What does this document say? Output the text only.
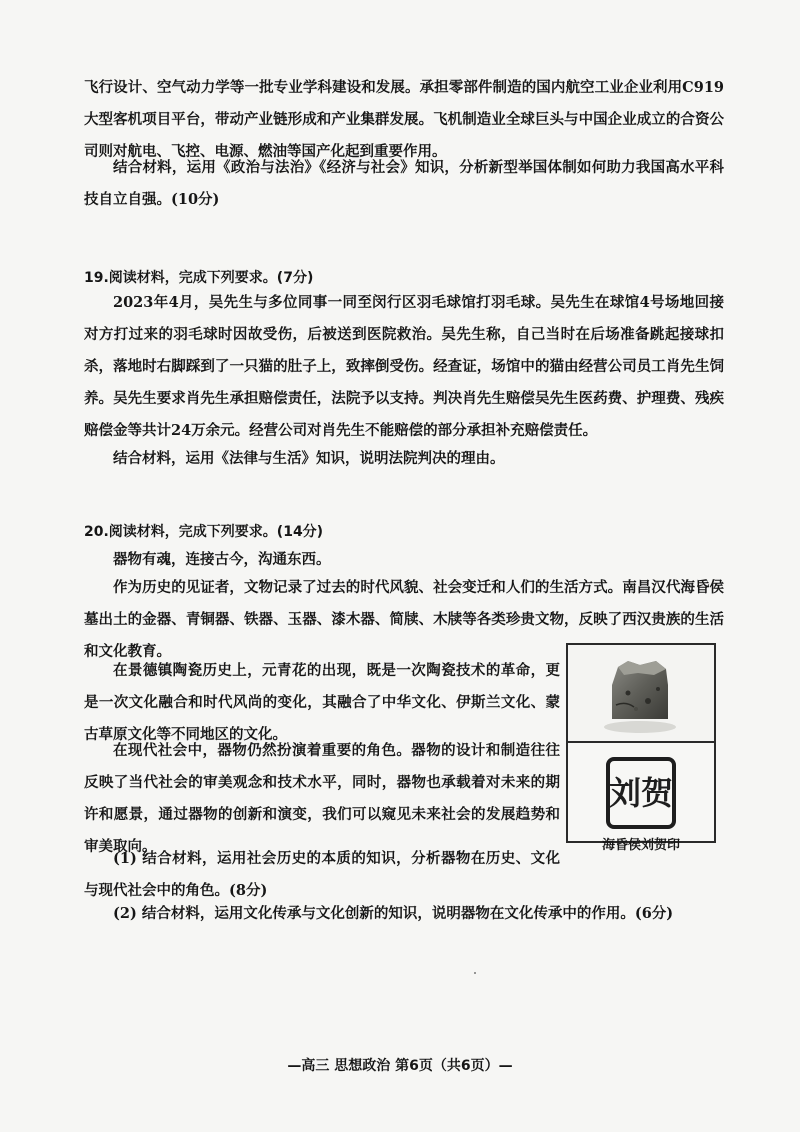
飞行设计、空气动力学等一批专业学科建设和发展。承担零部件制造的国内航空工业企业利用C919大型客机项目平台，带动产业链形成和产业集群发展。飞机制造业全球巨头与中国企业成立的合资公司则对航电、飞控、电源、燃油等国产化起到重要作用。

结合材料，运用《政治与法治》《经济与社会》知识，分析新型举国体制如何助力我国高水平科技自立自强。(10分)

19.阅读材料，完成下列要求。(7分)

2023年4月，吴先生与多位同事一同至闵行区羽毛球馆打羽毛球。吴先生在球馆4号场地回接对方打过来的羽毛球时因故受伤，后被送到医院救治。吴先生称，自己当时在后场准备跳起接球扣杀，落地时右脚踩到了一只猫的肚子上，致摔倒受伤。经查证，场馆中的猫由经营公司员工肖先生饲养。吴先生要求肖先生承担赔偿责任，法院予以支持。判决肖先生赔偿吴先生医药费、护理费、残疾赔偿金等共计24万余元。经营公司对肖先生不能赔偿的部分承担补充赔偿责任。

结合材料，运用《法律与生活》知识，说明法院判决的理由。

20.阅读材料，完成下列要求。(14分)

器物有魂，连接古今，沟通东西。

作为历史的见证者，文物记录了过去的时代风貌、社会变迁和人们的生活方式。南昌汉代海昏侯墓出土的金器、青铜器、铁器、玉器、漆木器、简牍、木牍等各类珍贵文物，反映了西汉贵族的生活和文化教育。

在景德镇陶瓷历史上，元青花的出现，既是一次陶瓷技术的革命，更是一次文化融合和时代风尚的变化，其融合了中华文化、伊斯兰文化、蒙古草原文化等不同地区的文化。

在现代社会中，器物仍然扮演着重要的角色。器物的设计和制造往往反映了当代社会的审美观念和技术水平，同时，器物也承载着对未来的期许和愿景，通过器物的创新和演变，我们可以窥见未来社会的发展趋势和审美取向。

(1) 结合材料，运用社会历史的本质的知识，分析器物在历史、文化与现代社会中的角色。(8分)

(2) 结合材料，运用文化传承与文化创新的知识，说明器物在文化传承中的作用。(6分)

刘贺

海昏侯刘贺印

—高三 思想政治 第6页（共6页）—
